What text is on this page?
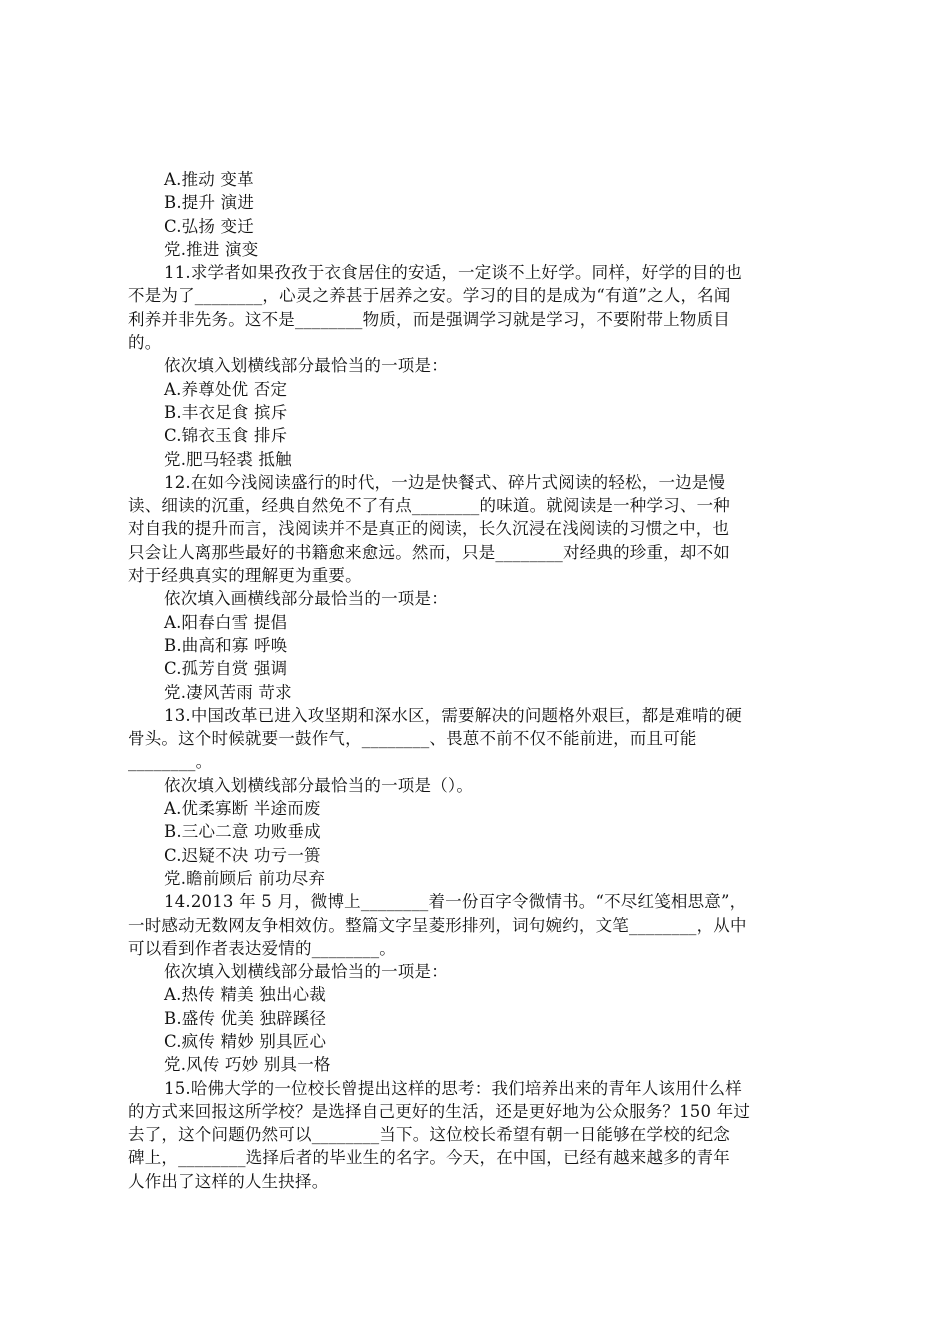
A.推动 变革
B.提升 演进
C.弘扬 变迁
党.推进 演变
11.求学者如果孜孜于衣食居住的安适，一定谈不上好学。同样，好学的目的也
不是为了________，心灵之养甚于居养之安。学习的目的是成为“有道”之人，名闻
利养并非先务。这不是________物质，而是强调学习就是学习，不要附带上物质目
的。
依次填入划横线部分最恰当的一项是：
A.养尊处优 否定
B.丰衣足食 摈斥
C.锦衣玉食 排斥
党.肥马轻裘 抵触
12.在如今浅阅读盛行的时代，一边是快餐式、碎片式阅读的轻松，一边是慢
读、细读的沉重，经典自然免不了有点________的味道。就阅读是一种学习、一种
对自我的提升而言，浅阅读并不是真正的阅读，长久沉浸在浅阅读的习惯之中，也
只会让人离那些最好的书籍愈来愈远。然而，只是________对经典的珍重，却不如
对于经典真实的理解更为重要。
依次填入画横线部分最恰当的一项是：
A.阳春白雪 提倡
B.曲高和寡 呼唤
C.孤芳自赏 强调
党.凄风苦雨 苛求
13.中国改革已进入攻坚期和深水区，需要解决的问题格外艰巨，都是难啃的硬
骨头。这个时候就要一鼓作气，________、畏葸不前不仅不能前进，而且可能
________。
依次填入划横线部分最恰当的一项是（）。
A.优柔寡断 半途而废
B.三心二意 功败垂成
C.迟疑不决 功亏一篑
党.瞻前顾后 前功尽弃
14.2013 年 5 月，微博上________着一份百字令微情书。“不尽红笺相思意”，
一时感动无数网友争相效仿。整篇文字呈菱形排列，词句婉约，文笔________，从中
可以看到作者表达爱情的________。
依次填入划横线部分最恰当的一项是：
A.热传 精美 独出心裁
B.盛传 优美 独辟蹊径
C.疯传 精妙 别具匠心
党.风传 巧妙 别具一格
15.哈佛大学的一位校长曾提出这样的思考：我们培养出来的青年人该用什么样
的方式来回报这所学校？是选择自己更好的生活，还是更好地为公众服务？150 年过
去了，这个问题仍然可以________当下。这位校长希望有朝一日能够在学校的纪念
碑上，________选择后者的毕业生的名字。今天，在中国，已经有越来越多的青年
人作出了这样的人生抉择。
